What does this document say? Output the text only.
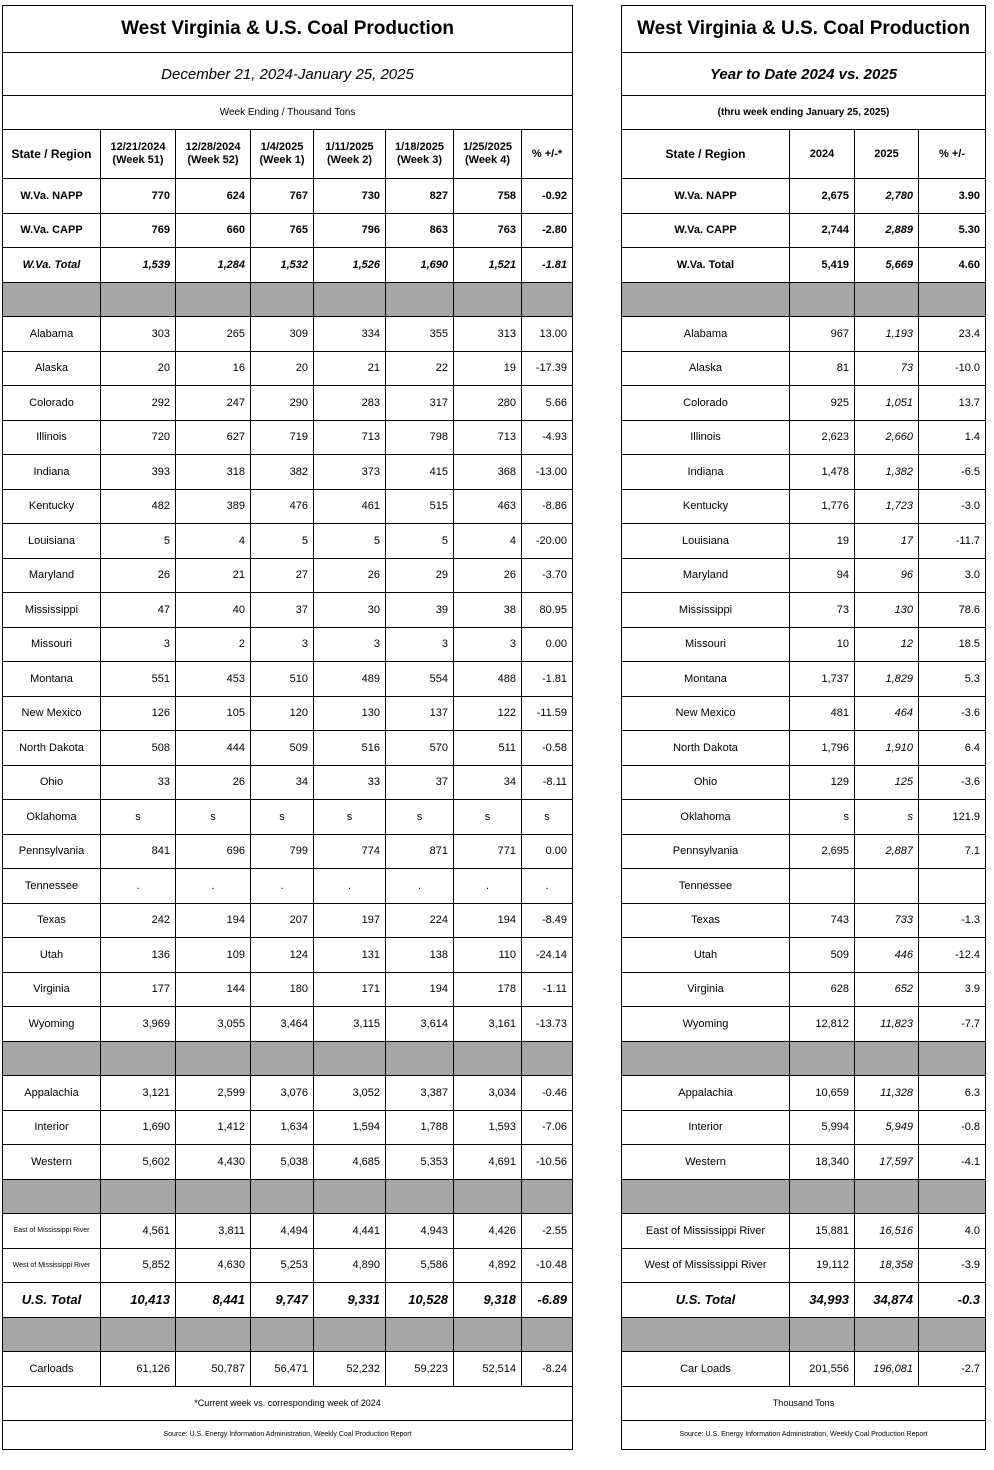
West Virginia & U.S. Coal Production							
December 21, 2024-January 25, 2025							
Week Ending / Thousand Tons							
State / Region	12/21/2024 (Week 51)	12/28/2024 (Week 52)	1/4/2025 (Week 1)	1/11/2025 (Week 2)	1/18/2025 (Week 3)	1/25/2025 (Week 4)	% +/-*
W.Va. NAPP	770	624	767	730	827	758	-0.92
W.Va. CAPP	769	660	765	796	863	763	-2.80
W.Va. Total	1,539	1,284	1,532	1,526	1,690	1,521	-1.81

Alabama	303	265	309	334	355	313	13.00
Alaska	20	16	20	21	22	19	-17.39
Colorado	292	247	290	283	317	280	5.66
Illinois	720	627	719	713	798	713	-4.93
Indiana	393	318	382	373	415	368	-13.00
Kentucky	482	389	476	461	515	463	-8.86
Louisiana	5	4	5	5	5	4	-20.00
Maryland	26	21	27	26	29	26	-3.70
Mississippi	47	40	37	30	39	38	80.95
Missouri	3	2	3	3	3	3	0.00
Montana	551	453	510	489	554	488	-1.81
New Mexico	126	105	120	130	137	122	-11.59
North Dakota	508	444	509	516	570	511	-0.58
Ohio	33	26	34	33	37	34	-8.11
Oklahoma	s	s	s	s	s	s	s
Pennsylvania	841	696	799	774	871	771	0.00
Tennessee	.	.	.	.	.	.	.
Texas	242	194	207	197	224	194	-8.49
Utah	136	109	124	131	138	110	-24.14
Virginia	177	144	180	171	194	178	-1.11
Wyoming	3,969	3,055	3,464	3,115	3,614	3,161	-13.73

Appalachia	3,121	2,599	3,076	3,052	3,387	3,034	-0.46
Interior	1,690	1,412	1,634	1,594	1,788	1,593	-7.06
Western	5,602	4,430	5,038	4,685	5,353	4,691	-10.56

East of Mississippi River	4,561	3,811	4,494	4,441	4,943	4,426	-2.55
West of Mississippi River	5,852	4,630	5,253	4,890	5,586	4,892	-10.48
U.S. Total	10,413	8,441	9,747	9,331	10,528	9,318	-6.89

Carloads	61,126	50,787	56,471	52,232	59,223	52,514	-8.24
*Current week vs. corresponding week of 2024							
Source: U.S. Energy Information Administration, Weekly Coal Production Report							
West Virginia & U.S. Coal Production			
Year to Date 2024 vs. 2025			
(thru week ending January 25, 2025)			
State / Region	2024	2025	% +/-
W.Va. NAPP	2,675	2,780	3.90
W.Va. CAPP	2,744	2,889	5.30
W.Va. Total	5,419	5,669	4.60

Alabama	967	1,193	23.4
Alaska	81	73	-10.0
Colorado	925	1,051	13.7
Illinois	2,623	2,660	1.4
Indiana	1,478	1,382	-6.5
Kentucky	1,776	1,723	-3.0
Louisiana	19	17	-11.7
Maryland	94	96	3.0
Mississippi	73	130	78.6
Missouri	10	12	18.5
Montana	1,737	1,829	5.3
New Mexico	481	464	-3.6
North Dakota	1,796	1,910	6.4
Ohio	129	125	-3.6
Oklahoma	s	s	121.9
Pennsylvania	2,695	2,887	7.1
Tennessee			
Texas	743	733	-1.3
Utah	509	446	-12.4
Virginia	628	652	3.9
Wyoming	12,812	11,823	-7.7

Appalachia	10,659	11,328	6.3
Interior	5,994	5,949	-0.8
Western	18,340	17,597	-4.1

East of Mississippi River	15,881	16,516	4.0
West of Mississippi River	19,112	18,358	-3.9
U.S. Total	34,993	34,874	-0.3

Car Loads	201,556	196,081	-2.7
Thousand Tons			
Source: U.S. Energy Information Administration, Weekly Coal Production Report			
